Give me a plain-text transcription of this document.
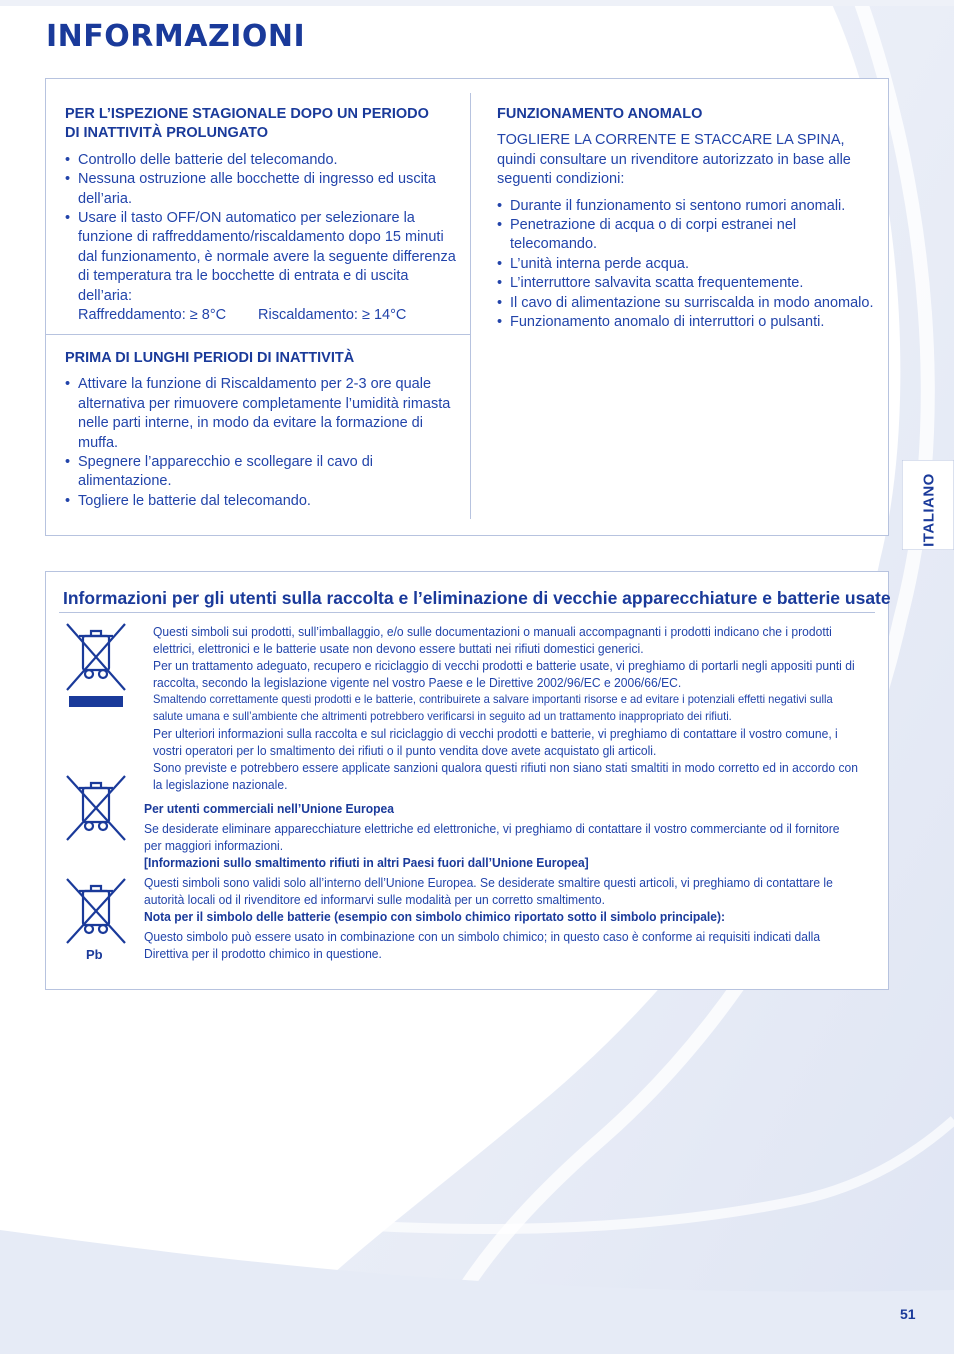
INFORMAZIONI
PER L’ISPEZIONE STAGIONALE DOPO UN PERIODO
DI INATTIVITÀ PROLUNGATO
• Controllo delle batterie del telecomando.
• Nessuna ostruzione alle bocchette di ingresso ed uscita dell’aria.
• Usare il tasto OFF/ON automatico per selezionare la funzione di raffreddamento/riscaldamento dopo 15 minuti dal funzionamento, è normale avere la seguente differenza di temperatura tra le bocchette di entrata e di uscita dell’aria:
Raffreddamento: ≥ 8°C Riscaldamento: ≥ 14°C
PRIMA DI LUNGHI PERIODI DI INATTIVITÀ
• Attivare la funzione di Riscaldamento per 2-3 ore quale alternativa per rimuovere completamente l’umidità rimasta nelle parti interne, in modo da evitare la formazione di muffa.
• Spegnere l’apparecchio e scollegare il cavo di alimentazione.
• Togliere le batterie dal telecomando.
FUNZIONAMENTO ANOMALO

TOGLIERE LA CORRENTE E STACCARE LA SPINA,
quindi consultare un rivenditore autorizzato in base alle seguenti condizioni:

• Durante il funzionamento si sentono rumori anomali.
• Penetrazione di acqua o di corpi estranei nel telecomando.
• L’unità interna perde acqua.
• L’interruttore salvavita scatta frequentemente.
• Il cavo di alimentazione su surriscalda in modo anomalo.
• Funzionamento anomalo di interruttori o pulsanti.
ITALIANO
Informazioni per gli utenti sulla raccolta e l’eliminazione di vecchie apparecchiature e batterie usate
Pb

Questi simboli sui prodotti, sull’imballaggio, e/o sulle documentazioni o manuali accompagnanti i prodotti indicano che i prodotti elettrici, elettronici e le batterie usate non devono essere buttati nei rifiuti domestici generici.

Per un trattamento adeguato, recupero e riciclaggio di vecchi prodotti e batterie usate, vi preghiamo di portarli negli appositi punti di raccolta, secondo la legislazione vigente nel vostro Paese e le Direttive 2002/96/EC e 2006/66/EC.

Smaltendo correttamente questi prodotti e le batterie, contribuirete a salvare importanti risorse e ad evitare i potenziali effetti negativi sulla salute umana e sull’ambiente che altrimenti potrebbero verificarsi in seguito ad un trattamento inappropriato dei rifiuti.

Per ulteriori informazioni sulla raccolta e sul riciclaggio di vecchi prodotti e batterie, vi preghiamo di contattare il vostro comune, i vostri operatori per lo smaltimento dei rifiuti o il punto vendita dove avete acquistato gli articoli.

Sono previste e potrebbero essere applicate sanzioni qualora questi rifiuti non siano stati smaltiti in modo corretto ed in accordo con la legislazione nazionale.

Per utenti commerciali nell’Unione Europea

Se desiderate eliminare apparecchiature elettriche ed elettroniche, vi preghiamo di contattare il vostro commerciante od il fornitore per maggiori informazioni.

[Informazioni sullo smaltimento rifiuti in altri Paesi fuori dall’Unione Europea]

Questi simboli sono validi solo all’interno dell’Unione Europea. Se desiderate smaltire questi articoli, vi preghiamo di contattare le autorità locali od il rivenditore ed informarvi sulle modalità per un corretto smaltimento.

Nota per il simbolo delle batterie (esempio con simbolo chimico riportato sotto il simbolo principale):

Questo simbolo può essere usato in combinazione con un simbolo chimico; in questo caso è conforme ai requisiti indicati dalla Direttiva per il prodotto chimico in questione.

51
